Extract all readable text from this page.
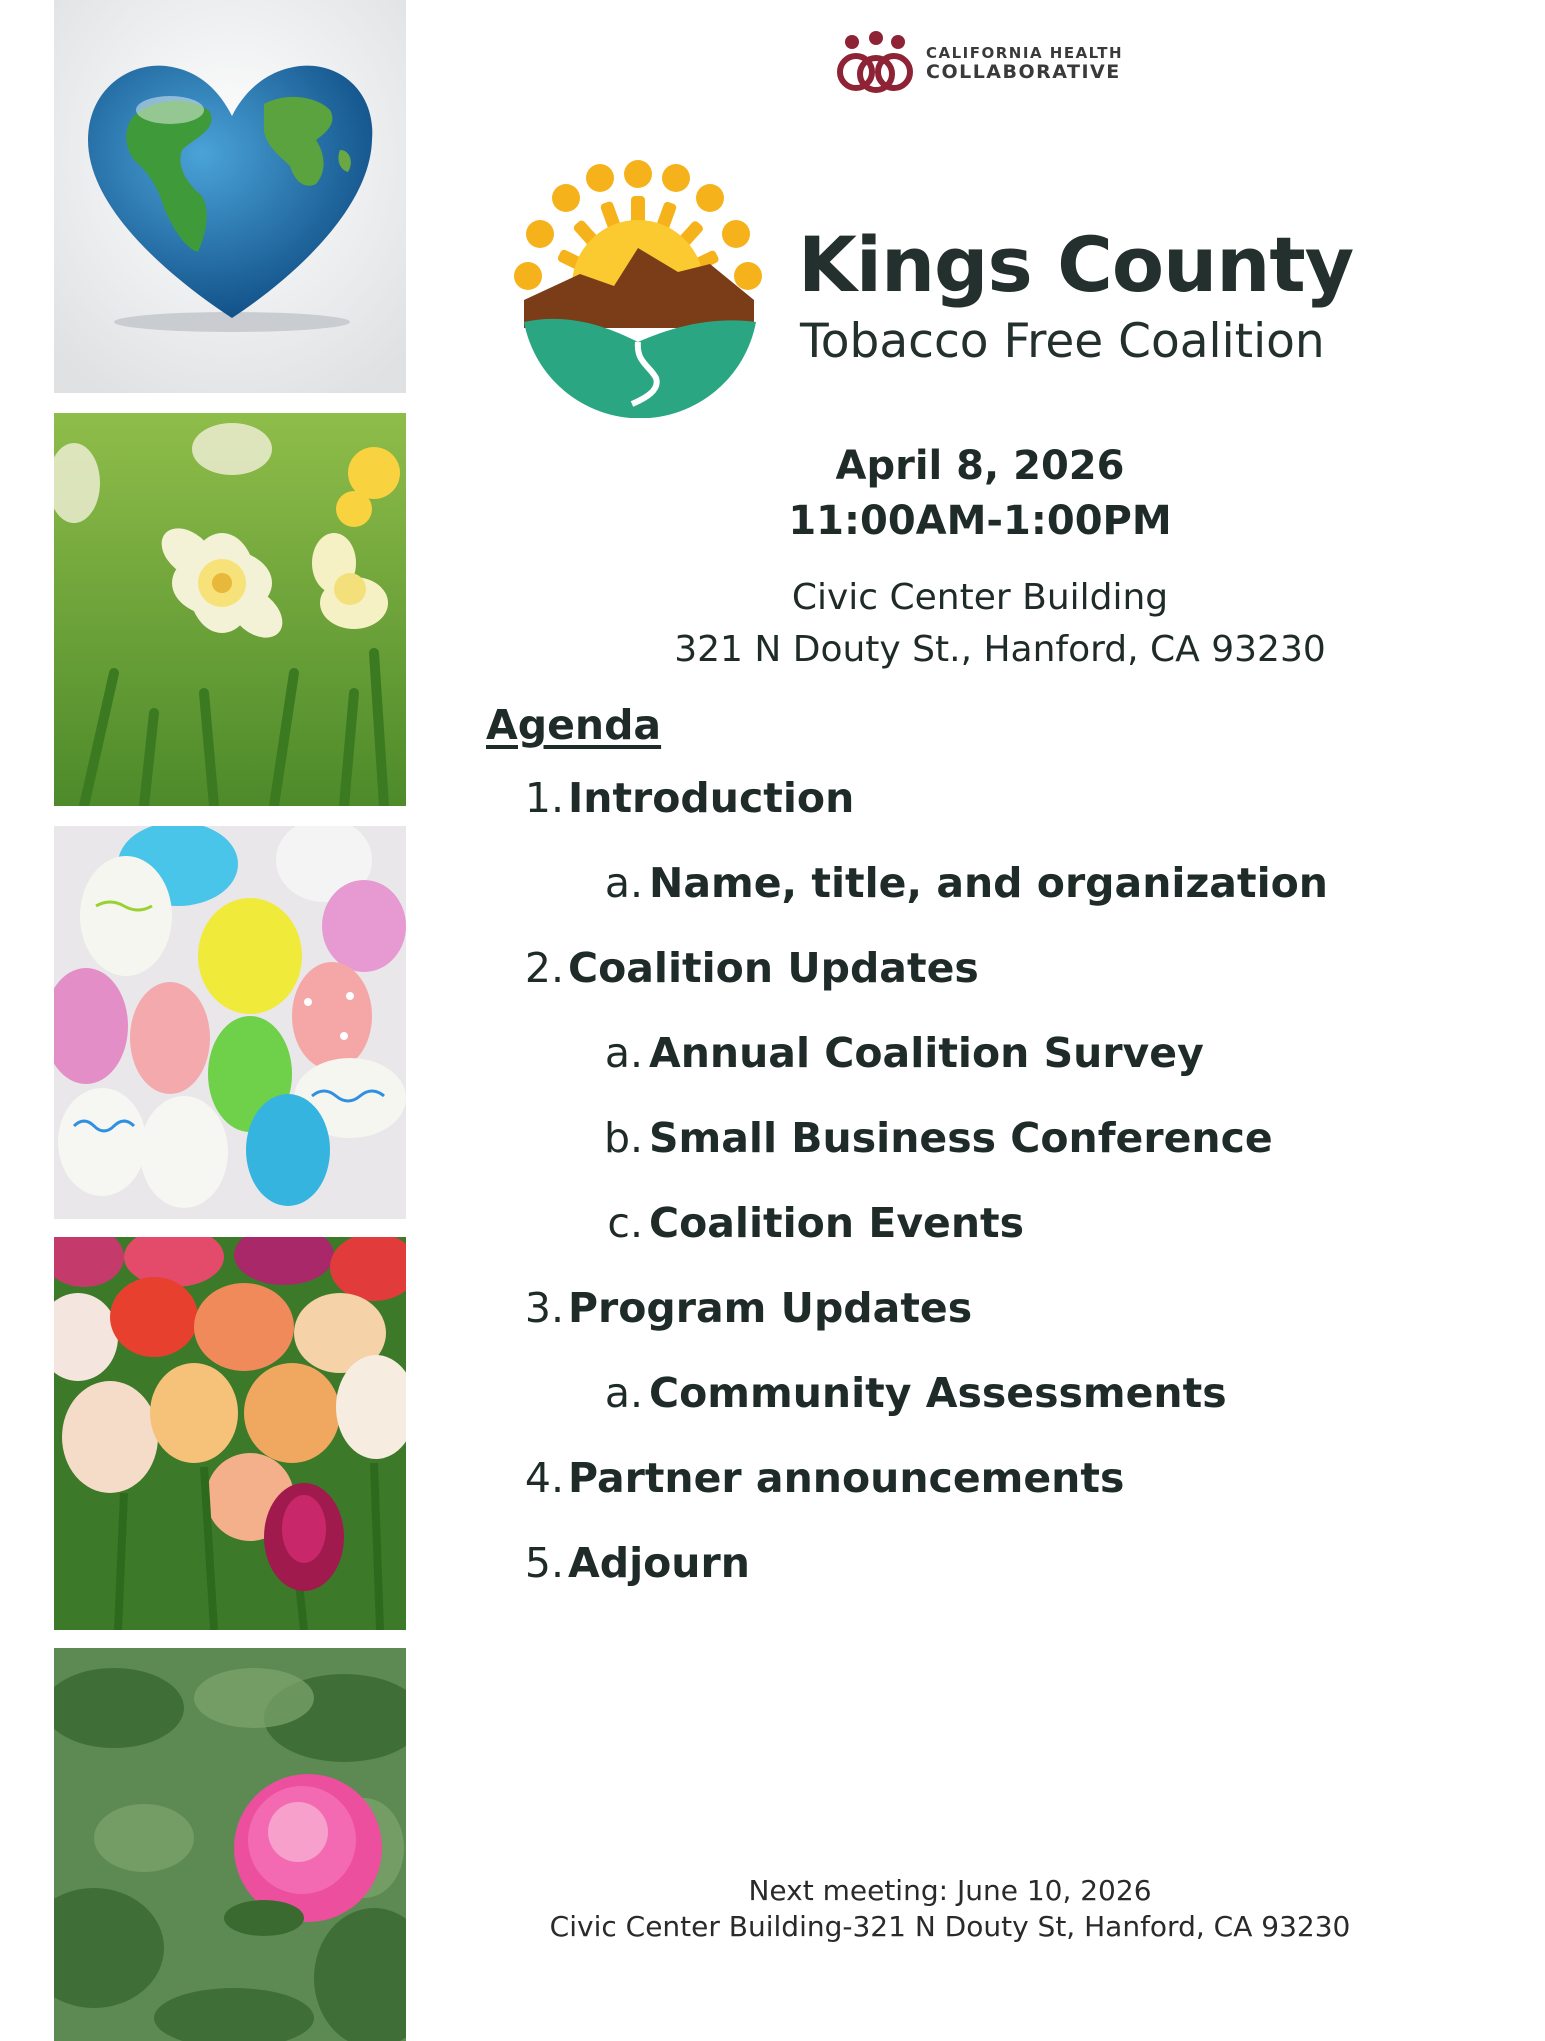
CALIFORNIA HEALTH
COLLABORATIVE
Kings County
Tobacco Free Coalition
April 8, 2026
11:00AM-1:00PM
Civic Center Building
321 N Douty St., Hanford, CA 93230
Agenda
1. Introduction
a. Name, title, and organization
2. Coalition Updates
a. Annual Coalition Survey
b. Small Business Conference
c. Coalition Events
3. Program Updates
a. Community Assessments
4. Partner announcements
5. Adjourn
Next meeting: June 10, 2026
Civic Center Building-321 N Douty St, Hanford, CA 93230
